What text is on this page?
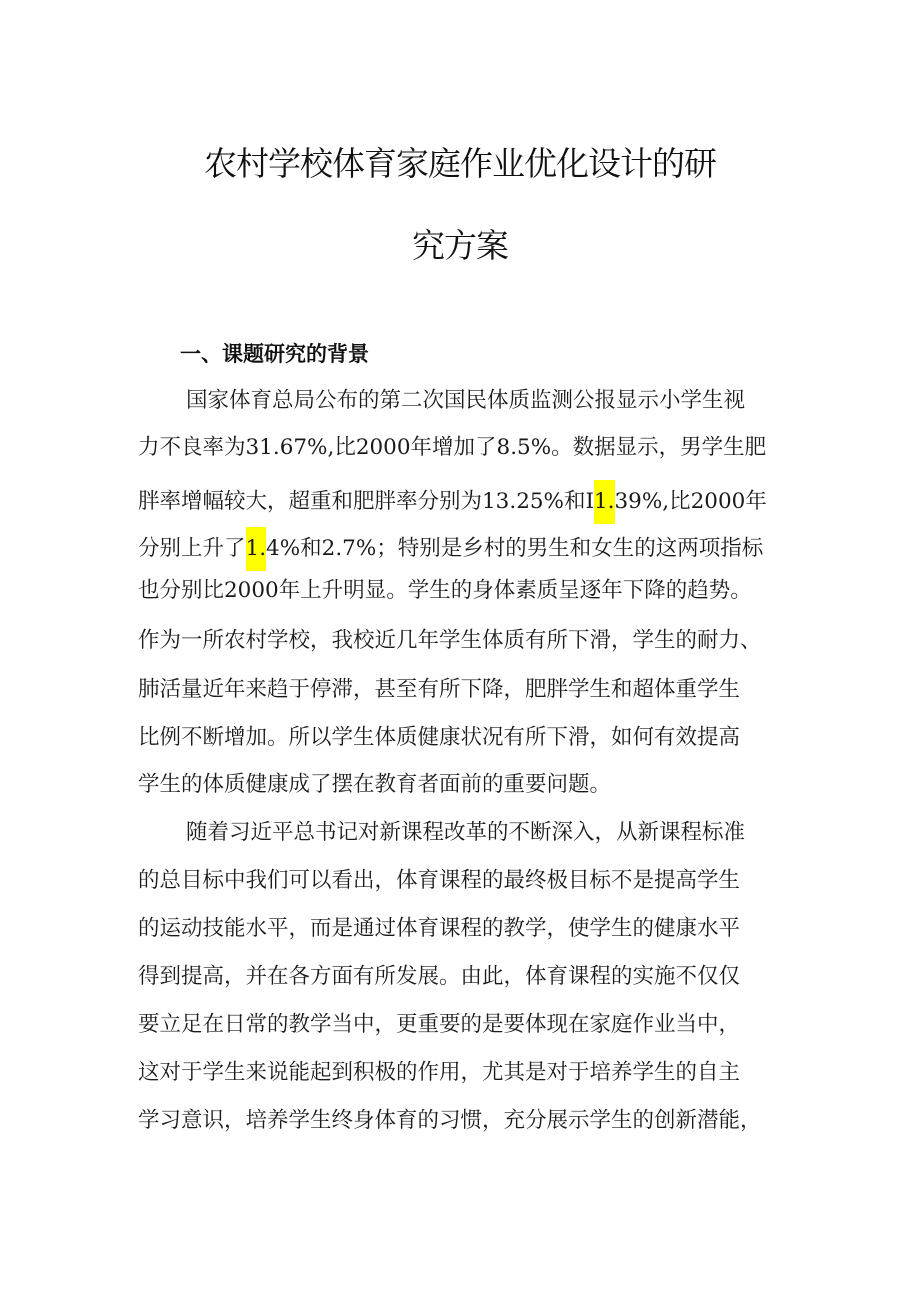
农村学校体育家庭作业优化设计的研
究方案
一、课题研究的背景
国家体育总局公布的第二次国民体质监测公报显示小学生视
力不良率为31.67%,比2000年增加了8.5%。数据显示，男学生肥
胖率增幅较大，超重和肥胖率分别为13.25%和I1.39%,比2000年
分别上升了1.4%和2.7%；特别是乡村的男生和女生的这两项指标
也分别比2000年上升明显。学生的身体素质呈逐年下降的趋势。
作为一所农村学校，我校近几年学生体质有所下滑，学生的耐力、
肺活量近年来趋于停滞，甚至有所下降，肥胖学生和超体重学生
比例不断增加。所以学生体质健康状况有所下滑，如何有效提高
学生的体质健康成了摆在教育者面前的重要问题。
随着习近平总书记对新课程改革的不断深入，从新课程标准
的总目标中我们可以看出，体育课程的最终极目标不是提高学生
的运动技能水平，而是通过体育课程的教学，使学生的健康水平
得到提高，并在各方面有所发展。由此，体育课程的实施不仅仅
要立足在日常的教学当中，更重要的是要体现在家庭作业当中，
这对于学生来说能起到积极的作用，尤其是对于培养学生的自主
学习意识，培养学生终身体育的习惯，充分展示学生的创新潜能，
